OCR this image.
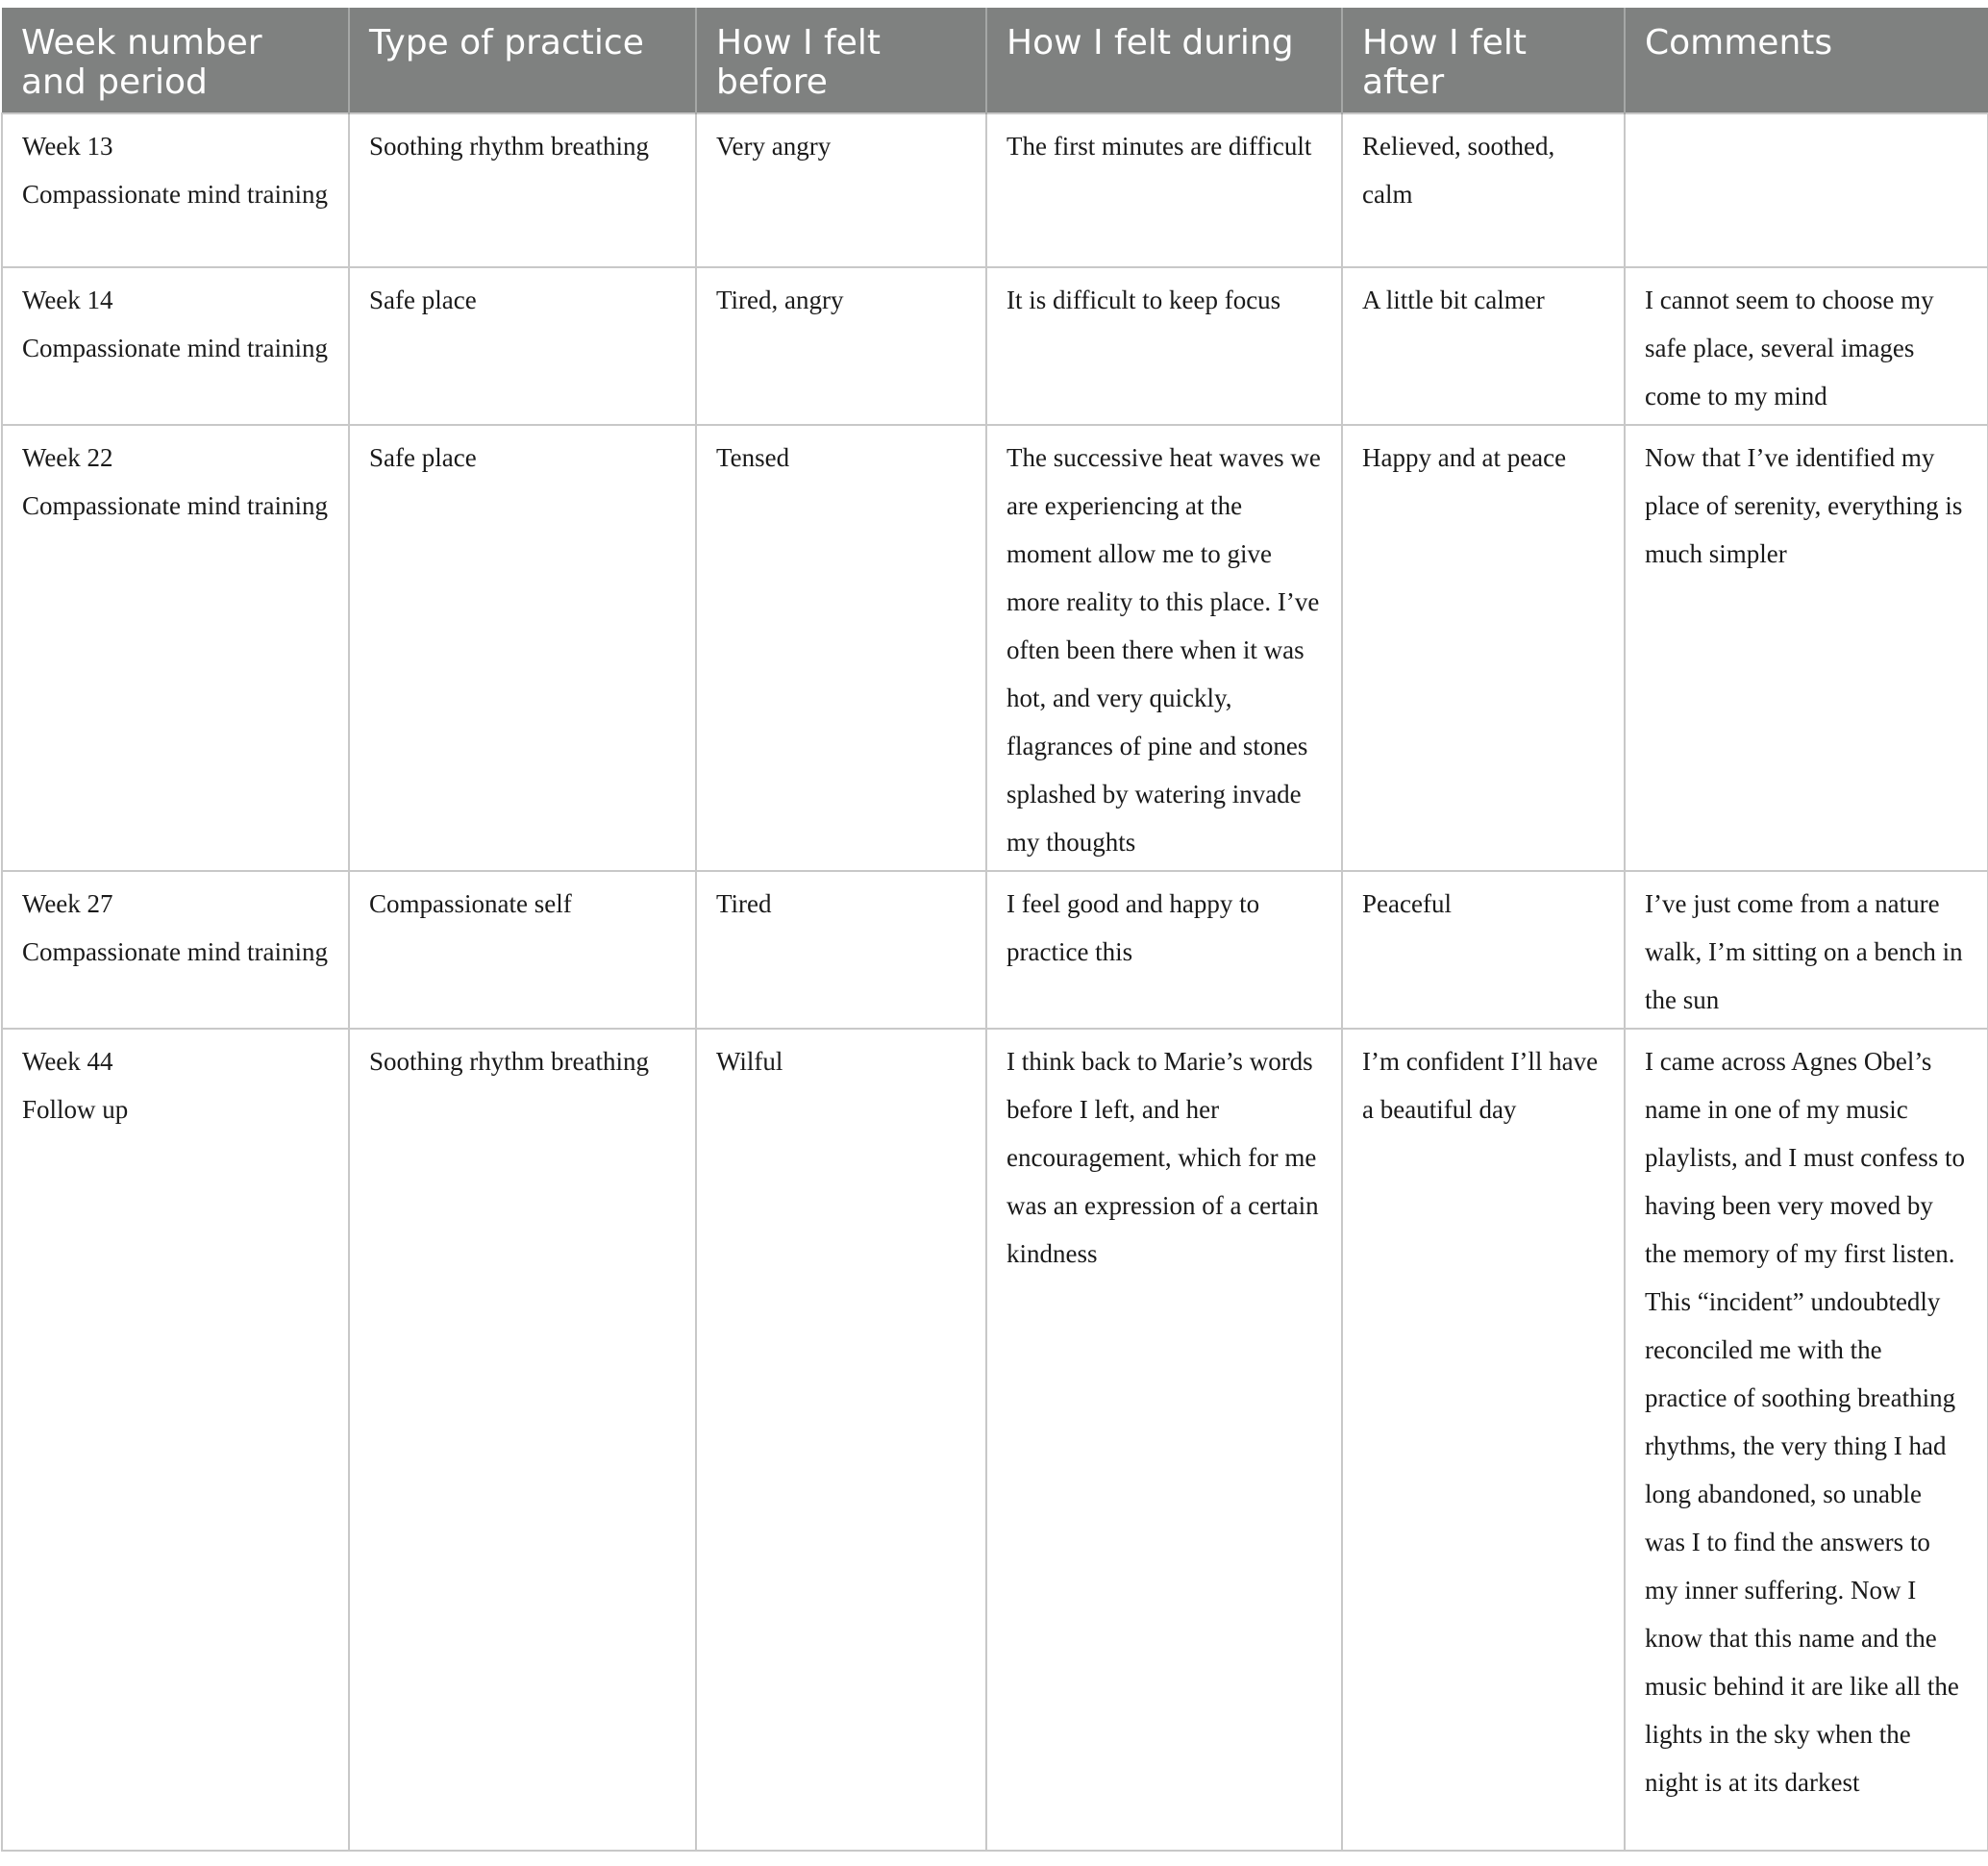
Week number and period	Type of practice	How I felt before	How I felt during	How I felt after	Comments

Week 13
Compassionate mind training	Soothing rhythm breathing	Very angry	The first minutes are difficult	Relieved, soothed, calm	

Week 14
Compassionate mind training	Safe place	Tired, angry	It is difficult to keep focus	A little bit calmer	I cannot seem to choose my safe place, several images come to my mind

Week 22
Compassionate mind training	Safe place	Tensed	The successive heat waves we are experiencing at the moment allow me to give more reality to this place. I’ve often been there when it was hot, and very quickly, flagrances of pine and stones splashed by watering invade my thoughts	Happy and at peace	Now that I’ve identified my place of serenity, everything is much simpler

Week 27
Compassionate mind training	Compassionate self	Tired	I feel good and happy to practice this	Peaceful	I’ve just come from a nature walk, I’m sitting on a bench in the sun

Week 44
Follow up	Soothing rhythm breathing	Wilful	I think back to Marie’s words before I left, and her encouragement, which for me was an expression of a certain kindness	I’m confident I’ll have a beautiful day	I came across Agnes Obel’s name in one of my music playlists, and I must confess to having been very moved by the memory of my first listen. This “incident” undoubtedly reconciled me with the practice of soothing breathing rhythms, the very thing I had long abandoned, so unable was I to find the answers to my inner suffering. Now I know that this name and the music behind it are like all the lights in the sky when the night is at its darkest
